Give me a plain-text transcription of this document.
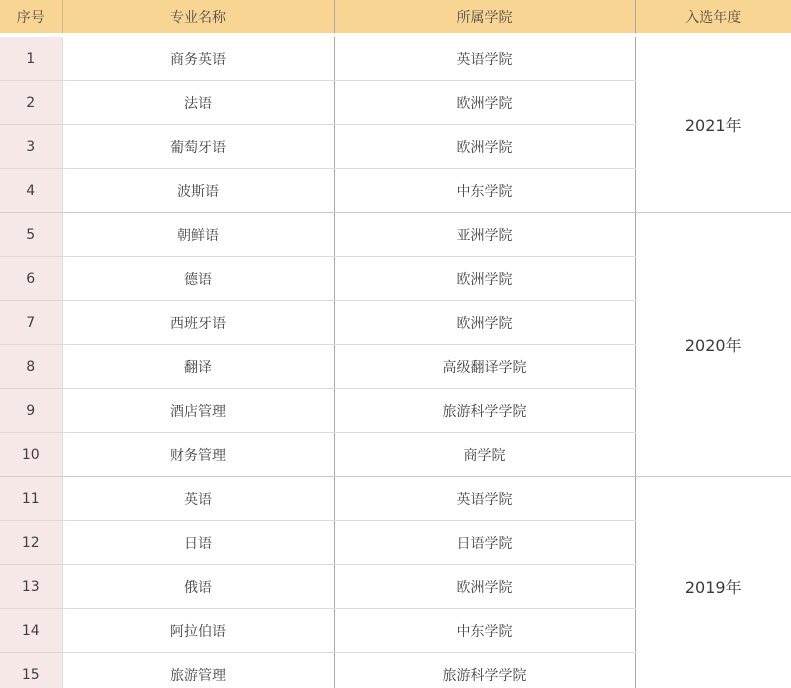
序号	专业名称	所属学院	入选年度
1	商务英语	英语学院	2021年
2	法语	欧洲学院	
3	葡萄牙语	欧洲学院	
4	波斯语	中东学院	
5	朝鲜语	亚洲学院	2020年
6	德语	欧洲学院	
7	西班牙语	欧洲学院	
8	翻译	高级翻译学院	
9	酒店管理	旅游科学学院	
10	财务管理	商学院	
11	英语	英语学院	2019年
12	日语	日语学院	
13	俄语	欧洲学院	
14	阿拉伯语	中东学院	
15	旅游管理	旅游科学学院	
